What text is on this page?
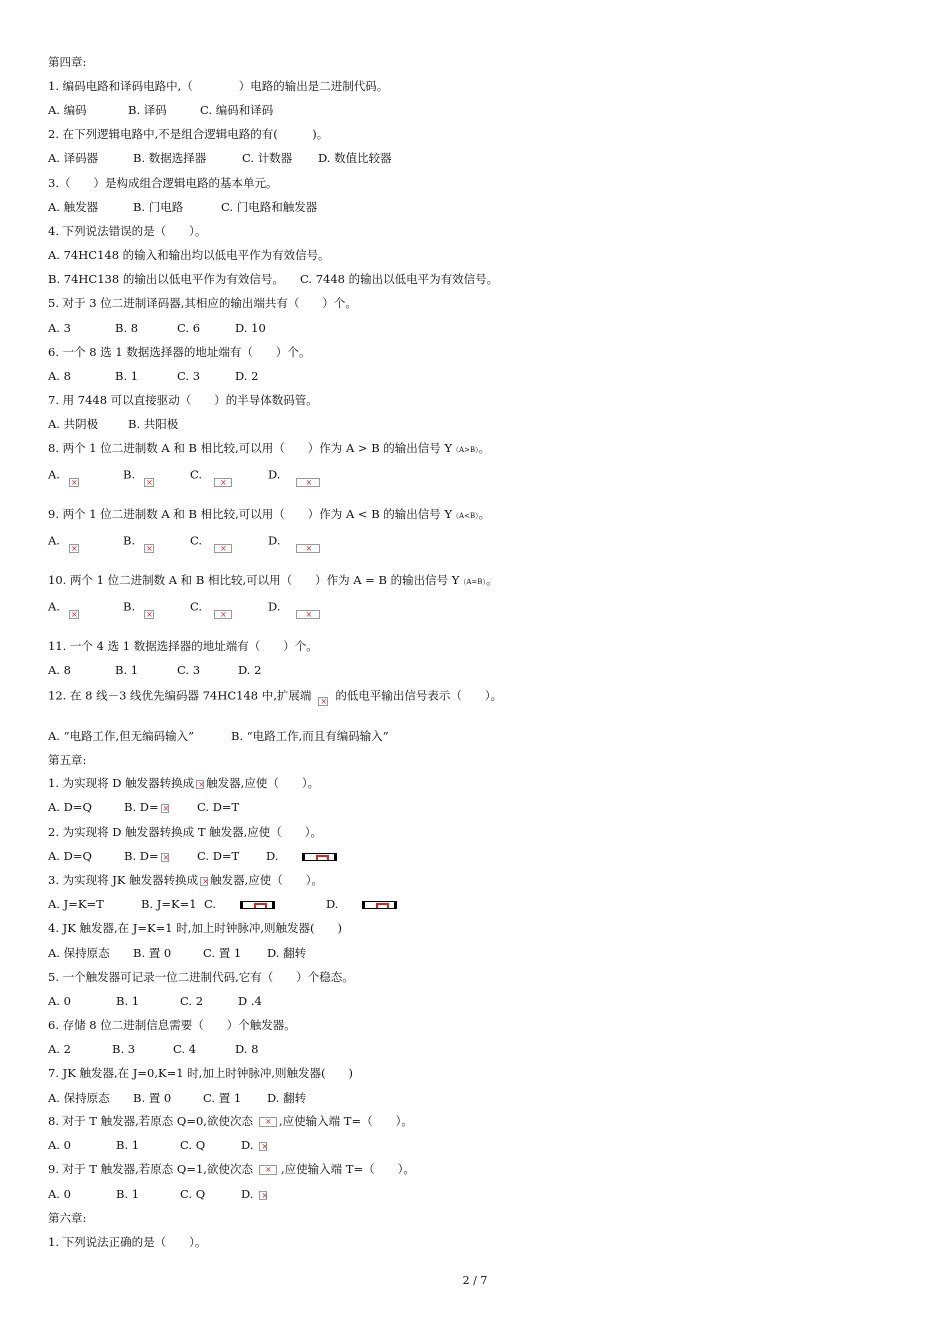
第四章:
1. 编码电路和译码电路中,（　　　　）电路的输出是二进制代码。
A. 编码	B. 译码	C. 编码和译码
2. 在下列逻辑电路中,不是组合逻辑电路的有(　　　)。
A. 译码器	B. 数据选择器	C. 计数器 D. 数值比较器
3.（　　）是构成组合逻辑电路的基本单元。
A. 触发器	B. 门电路	C. 门电路和触发器
4. 下列说法错误的是（　　）。
A. 74HC148 的输入和输出均以低电平作为有效信号。
B. 74HC138 的输出以低电平作为有效信号。 C. 7448 的输出以低电平为有效信号。
5. 对于 3 位二进制译码器,其相应的输出端共有（　　）个。
A. 3	B. 8	C. 6	D. 10
6. 一个 8 选 1 数据选择器的地址端有（　　）个。
A. 8	B. 1	C. 3	D. 2
7. 用 7448 可以直接驱动（　　）的半导体数码管。
A. 共阴极	B. 共阳极
8. 两个 1 位二进制数 A 和 B 相比较,可以用（　　）作为 A > B 的输出信号 Y（A>B）。
A.×	B.×	C.×	D.×
9. 两个 1 位二进制数 A 和 B 相比较,可以用（　　）作为 A < B 的输出信号 Y（A<B）。
A.×	B.×	C.×	D.×
10. 两个 1 位二进制数 A 和 B 相比较,可以用（　　）作为 A = B 的输出信号 Y（A=B）。
A.×	B.×	C.×	D.×
11. 一个 4 选 1 数据选择器的地址端有（　　）个。
A. 8	B. 1	C. 3	D. 2
12. 在 8 线－3 线优先编码器 74HC148 中,扩展端 × 的低电平输出信号表示（　　）。
A. “电路工作,但无编码输入”	B. “电路工作,而且有编码输入”
第五章:
1. 为实现将 D 触发器转换成 × 触发器,应使（　　）。
A. D=Q	B. D= ×	C. D=T
2. 为实现将 D 触发器转换成 T 触发器,应使（　　）。
A. D=Q	B. D= ×	C. D=T D.
3. 为实现将 JK 触发器转换成 × 触发器,应使（　　）。
A. J=K=T	B. J=K=1 C.	D.
4. JK 触发器,在 J=K=1 时,加上时钟脉冲,则触发器(　　)
A. 保持原态 B. 置 0	C. 置 1 D. 翻转
5. 一个触发器可记录一位二进制代码,它有（　　）个稳态。
A. 0	B. 1	C. 2	D .4
6. 存储 8 位二进制信息需要（　　）个触发器。
A. 2	B. 3	C. 4	D. 8
7. JK 触发器,在 J=0,K=1 时,加上时钟脉冲,则触发器(　　)
A. 保持原态 B. 置 0	C. 置 1 D. 翻转
8. 对于 T 触发器,若原态 Q=0,欲使次态 × ,应使输入端 T=（　　）。
A. 0	B. 1	C. Q	D.×
9. 对于 T 触发器,若原态 Q=1,欲使次态 × ,应使输入端 T=（　　）。
A. 0	B. 1	C. Q	D.×
第六章:
1. 下列说法正确的是（　　）。
2 / 7
